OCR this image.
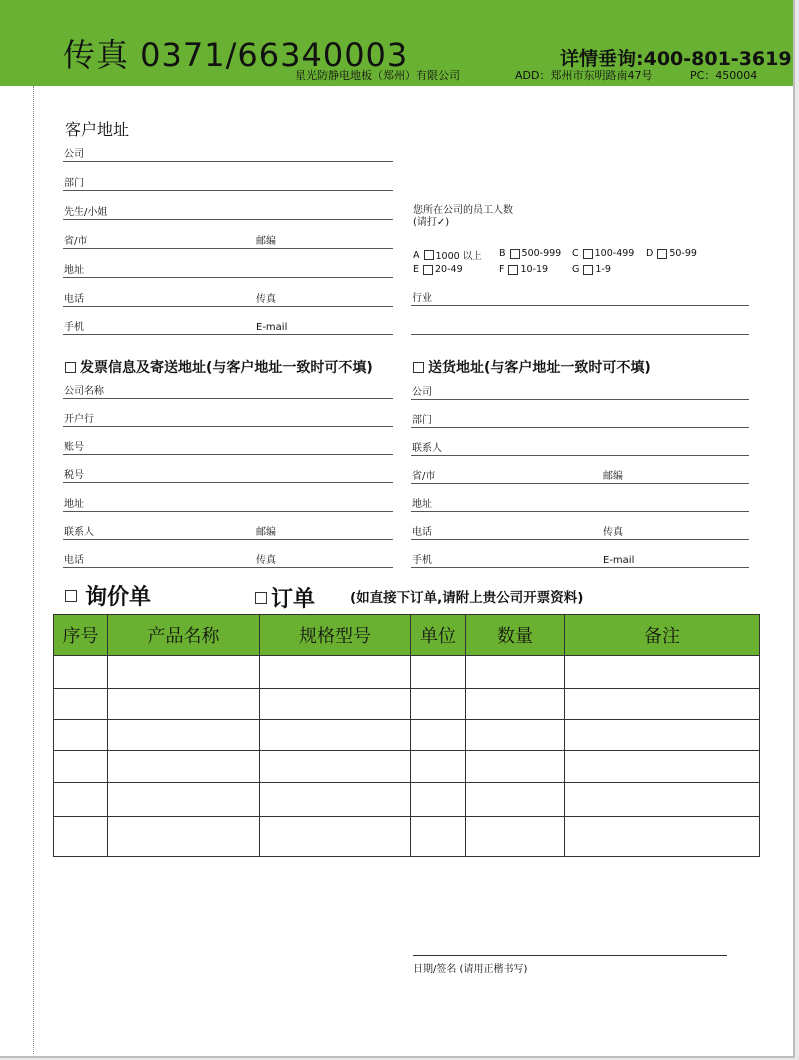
传真 0371/66340003	详情垂询:400-801-3619
星光防静电地板（郑州）有限公司	ADD：郑州市东明路南47号	PC：450004
客户地址
公司
部门
先生/小姐
省/市	邮编
地址
电话	传真
手机	E-mail
您所在公司的员工人数
(请打✓)
A 1000 以上 B 500-999 C 100-499 D 50-99
E 20-49	F 10-19	G 1-9
行业
发票信息及寄送地址(与客户地址一致时可不填)
公司名称
开户行
账号
税号
地址
联系人	邮编
电话	传真
送货地址(与客户地址一致时可不填)
公司
部门
联系人
省/市	邮编
地址
电话	传真
手机	E-mail
询价单	订单	(如直接下订单,请附上贵公司开票资料)
序号	产品名称	规格型号	单位	数量	备注

日期/签名 (请用正楷书写)
